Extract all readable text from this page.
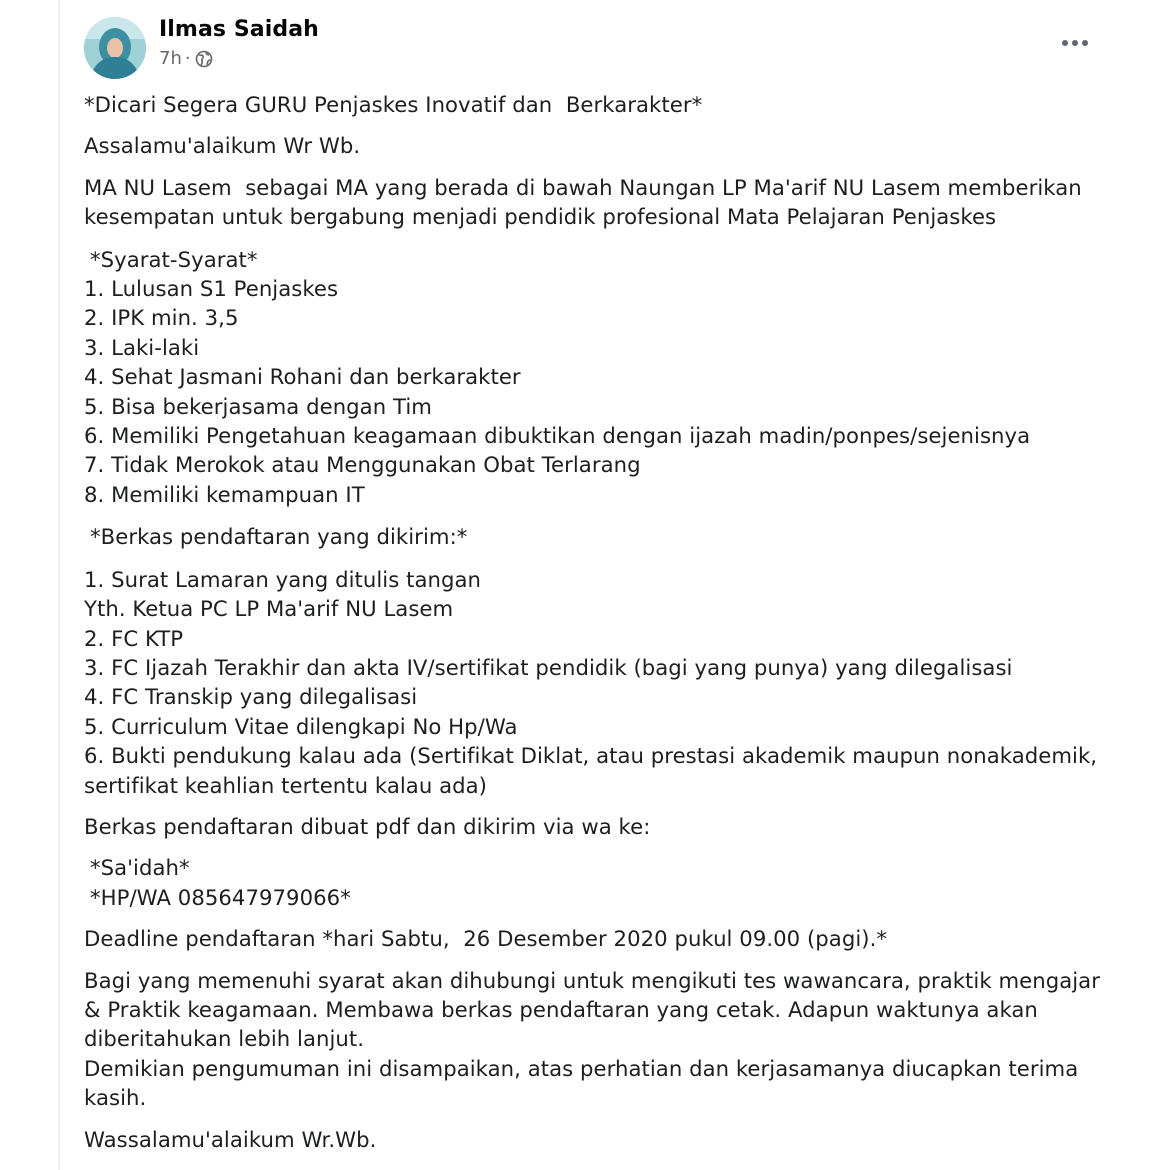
Ilmas Saidah
7h ·

*Dicari Segera GURU Penjaskes Inovatif dan  Berkarakter*

Assalamu'alaikum Wr Wb.

MA NU Lasem  sebagai MA yang berada di bawah Naungan LP Ma'arif NU Lasem memberikan

kesempatan untuk bergabung menjadi pendidik profesional Mata Pelajaran Penjaskes

*Syarat-Syarat*

1. Lulusan S1 Penjaskes

2. IPK min. 3,5

3. Laki-laki

4. Sehat Jasmani Rohani dan berkarakter

5. Bisa bekerjasama dengan Tim

6. Memiliki Pengetahuan keagamaan dibuktikan dengan ijazah madin/ponpes/sejenisnya

7. Tidak Merokok atau Menggunakan Obat Terlarang

8. Memiliki kemampuan IT

*Berkas pendaftaran yang dikirim:*

1. Surat Lamaran yang ditulis tangan

Yth. Ketua PC LP Ma'arif NU Lasem

2. FC KTP

3. FC Ijazah Terakhir dan akta IV/sertifikat pendidik (bagi yang punya) yang dilegalisasi

4. FC Transkip yang dilegalisasi

5. Curriculum Vitae dilengkapi No Hp/Wa

6. Bukti pendukung kalau ada (Sertifikat Diklat, atau prestasi akademik maupun nonakademik,

sertifikat keahlian tertentu kalau ada)

Berkas pendaftaran dibuat pdf dan dikirim via wa ke:

*Sa'idah*

*HP/WA 085647979066*

Deadline pendaftaran *hari Sabtu,  26 Desember 2020 pukul 09.00 (pagi).*

Bagi yang memenuhi syarat akan dihubungi untuk mengikuti tes wawancara, praktik mengajar

& Praktik keagamaan. Membawa berkas pendaftaran yang cetak. Adapun waktunya akan

diberitahukan lebih lanjut.

Demikian pengumuman ini disampaikan, atas perhatian dan kerjasamanya diucapkan terima

kasih.

Wassalamu'alaikum Wr.Wb.
